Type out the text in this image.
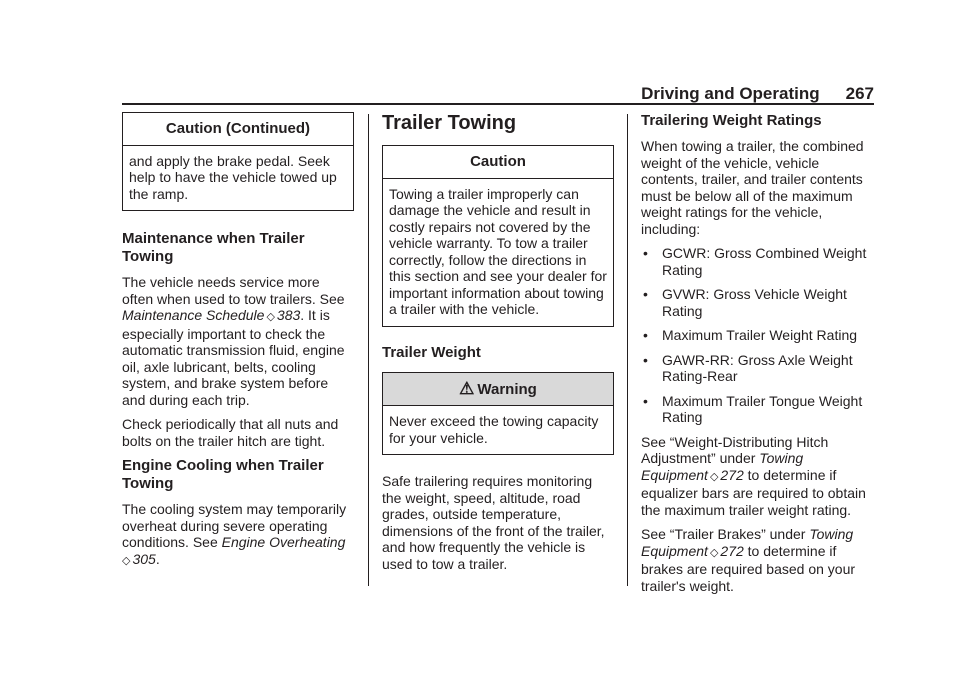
Driving and Operating 267
Caution (Continued)
and apply the brake pedal. Seek help to have the vehicle towed up the ramp.
Maintenance when Trailer Towing

The vehicle needs service more often when used to tow trailers. See Maintenance Schedule ◇ 383. It is especially important to check the automatic transmission fluid, engine oil, axle lubricant, belts, cooling system, and brake system before and during each trip.

Check periodically that all nuts and bolts on the trailer hitch are tight.

Engine Cooling when Trailer Towing

The cooling system may temporarily overheat during severe operating conditions. See Engine Overheating
◇ 305.

Trailer Towing
Caution
Towing a trailer improperly can damage the vehicle and result in costly repairs not covered by the vehicle warranty. To tow a trailer correctly, follow the directions in this section and see your dealer for important information about towing a trailer with the vehicle.
Trailer Weight
⚠ Warning
Never exceed the towing capacity for your vehicle.

Safe trailering requires monitoring the weight, speed, altitude, road grades, outside temperature, dimensions of the front of the trailer, and how frequently the vehicle is used to tow a trailer.

Trailering Weight Ratings

When towing a trailer, the combined weight of the vehicle, vehicle contents, trailer, and trailer contents must be below all of the maximum weight ratings for the vehicle, including:

• GCWR: Gross Combined Weight Rating
• GVWR: Gross Vehicle Weight Rating
• Maximum Trailer Weight Rating
• GAWR-RR: Gross Axle Weight Rating-Rear
• Maximum Trailer Tongue Weight Rating

See “Weight-Distributing Hitch Adjustment” under Towing Equipment ◇ 272 to determine if equalizer bars are required to obtain the maximum trailer weight rating.

See “Trailer Brakes” under Towing Equipment ◇ 272 to determine if brakes are required based on your trailer's weight.
